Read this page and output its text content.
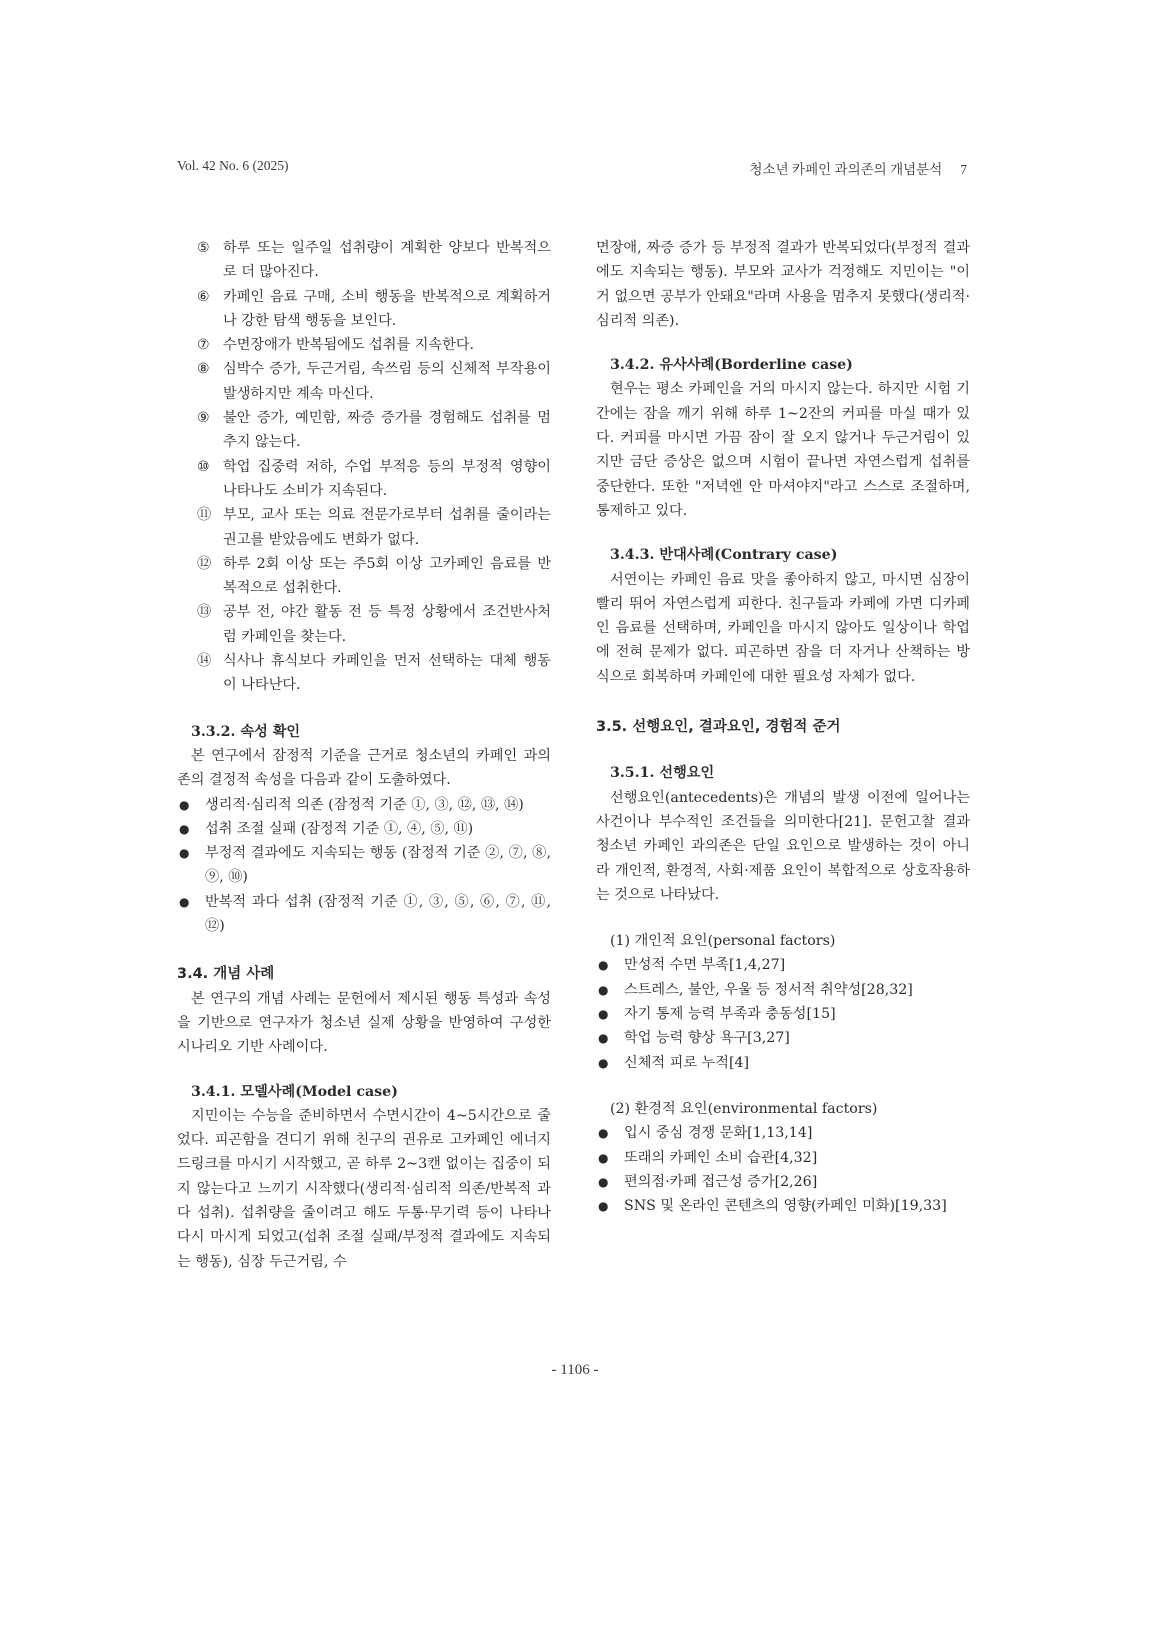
Vol. 42 No. 6 (2025)	청소년 카페인 과의존의 개념분석 7
⑤ 하루 또는 일주일 섭취량이 계획한 양보다 반복적으로 더 많아진다.
⑥ 카페인 음료 구매, 소비 행동을 반복적으로 계획하거나 강한 탐색 행동을 보인다.
⑦ 수면장애가 반복됨에도 섭취를 지속한다.
⑧ 심박수 증가, 두근거림, 속쓰림 등의 신체적 부작용이 발생하지만 계속 마신다.
⑨ 불안 증가, 예민함, 짜증 증가를 경험해도 섭취를 멈추지 않는다.
⑩ 학업 집중력 저하, 수업 부적응 등의 부정적 영향이 나타나도 소비가 지속된다.
⑪ 부모, 교사 또는 의료 전문가로부터 섭취를 줄이라는 권고를 받았음에도 변화가 없다.
⑫ 하루 2회 이상 또는 주5회 이상 고카페인 음료를 반복적으로 섭취한다.
⑬ 공부 전, 야간 활동 전 등 특정 상황에서 조건반사처럼 카페인을 찾는다.
⑭ 식사나 휴식보다 카페인을 먼저 선택하는 대체 행동이 나타난다.
3.3.2. 속성 확인

본 연구에서 잠정적 기준을 근거로 청소년의 카페인 과의존의 결정적 속성을 다음과 같이 도출하였다.

●	생리적·심리적 의존 (잠정적 기준 ①, ③, ⑫, ⑬, ⑭)
●	섭취 조절 실패 (잠정적 기준 ①, ④, ⑤, ⑪)
●	부정적 결과에도 지속되는 행동 (잠정적 기준 ②, ⑦, ⑧, ⑨, ⑩)
●	반복적 과다 섭취 (잠정적 기준 ①, ③, ⑤, ⑥, ⑦, ⑪, ⑫)
3.4. 개념 사례

본 연구의 개념 사례는 문헌에서 제시된 행동 특성과 속성을 기반으로 연구자가 청소년 실제 상황을 반영하여 구성한 시나리오 기반 사례이다.

3.4.1. 모델사례(Model case)

지민이는 수능을 준비하면서 수면시간이 4~5시간으로 줄었다. 피곤함을 견디기 위해 친구의 권유로 고카페인 에너지 드링크를 마시기 시작했고, 곧 하루 2~3캔 없이는 집중이 되지 않는다고 느끼기 시작했다(생리적·심리적 의존/반복적 과다 섭취). 섭취량을 줄이려고 해도 두통·무기력 등이 나타나 다시 마시게 되었고(섭취 조절 실패/부정적 결과에도 지속되는 행동), 심장 두근거림, 수

면장애, 짜증 증가 등 부정적 결과가 반복되었다(부정적 결과에도 지속되는 행동). 부모와 교사가 걱정해도 지민이는 "이거 없으면 공부가 안돼요"라며 사용을 멈추지 못했다(생리적·심리적 의존).

3.4.2. 유사사례(Borderline case)

현우는 평소 카페인을 거의 마시지 않는다. 하지만 시험 기간에는 잠을 깨기 위해 하루 1~2잔의 커피를 마실 때가 있다. 커피를 마시면 가끔 잠이 잘 오지 않거나 두근거림이 있지만 금단 증상은 없으며 시험이 끝나면 자연스럽게 섭취를 중단한다. 또한 "저녁엔 안 마셔야지"라고 스스로 조절하며, 통제하고 있다.

3.4.3. 반대사례(Contrary case)

서연이는 카페인 음료 맛을 좋아하지 않고, 마시면 심장이 빨리 뛰어 자연스럽게 피한다. 친구들과 카페에 가면 디카페인 음료를 선택하며, 카페인을 마시지 않아도 일상이나 학업에 전혀 문제가 없다. 피곤하면 잠을 더 자거나 산책하는 방식으로 회복하며 카페인에 대한 필요성 자체가 없다.

3.5. 선행요인, 결과요인, 경험적 준거
3.5.1. 선행요인

선행요인(antecedents)은 개념의 발생 이전에 일어나는 사건이나 부수적인 조건들을 의미한다[21]. 문헌고찰 결과 청소년 카페인 과의존은 단일 요인으로 발생하는 것이 아니라 개인적, 환경적, 사회·제품 요인이 복합적으로 상호작용하는 것으로 나타났다.

(1) 개인적 요인(personal factors)
●	만성적 수면 부족[1,4,27]
●	스트레스, 불안, 우울 등 정서적 취약성[28,32]
●	자기 통제 능력 부족과 충동성[15]
●	학업 능력 향상 욕구[3,27]
●	신체적 피로 누적[4]
(2) 환경적 요인(environmental factors)
●	입시 중심 경쟁 문화[1,13,14]
●	또래의 카페인 소비 습관[4,32]
●	편의점·카페 접근성 증가[2,26]
●	SNS 및 온라인 콘텐츠의 영향(카페인 미화)[19,33]
- 1106 -
